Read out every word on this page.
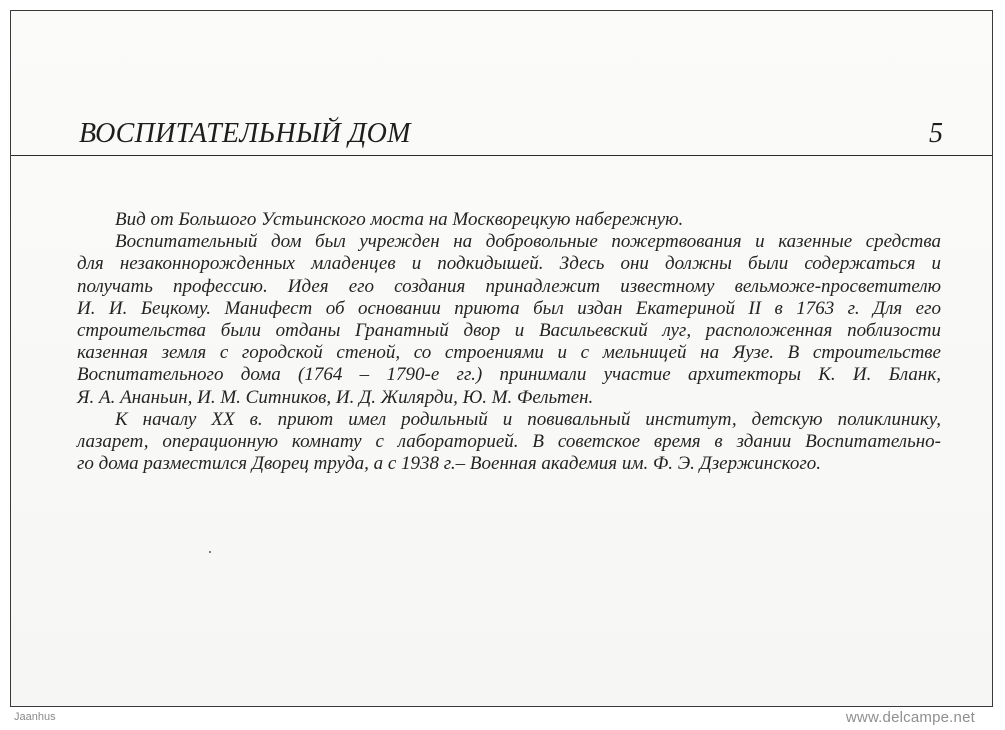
ВОСПИТАТЕЛЬНЫЙ ДОМ	5
Вид от Большого Устьинского моста на Москворецкую набережную.
Воспитательный дом был учрежден на добровольные пожертвования и казенные средства
для незаконнорожденных младенцев и подкидышей. Здесь они должны были содержаться и
получать профессию. Идея его создания принадлежит известному вельможе-просветителю
И. И. Бецкому. Манифест об основании приюта был издан Екатериной II в 1763 г. Для его
строительства были отданы Гранатный двор и Васильевский луг, расположенная поблизости
казенная земля с городской стеной, со строениями и с мельницей на Яузе. В строительстве
Воспитательного дома (1764 – 1790-е гг.) принимали участие архитекторы К. И. Бланк,
Я. А. Ананьин, И. М. Ситников, И. Д. Жилярди, Ю. М. Фельтен.
К началу XX в. приют имел родильный и повивальный институт, детскую поликлинику,
лазарет, операционную комнату с лабораторией. В советское время в здании Воспитательно-
го дома разместился Дворец труда, а с 1938 г.– Военная академия им. Ф. Э. Дзержинского.
Jaanhus	www.delcampe.net
